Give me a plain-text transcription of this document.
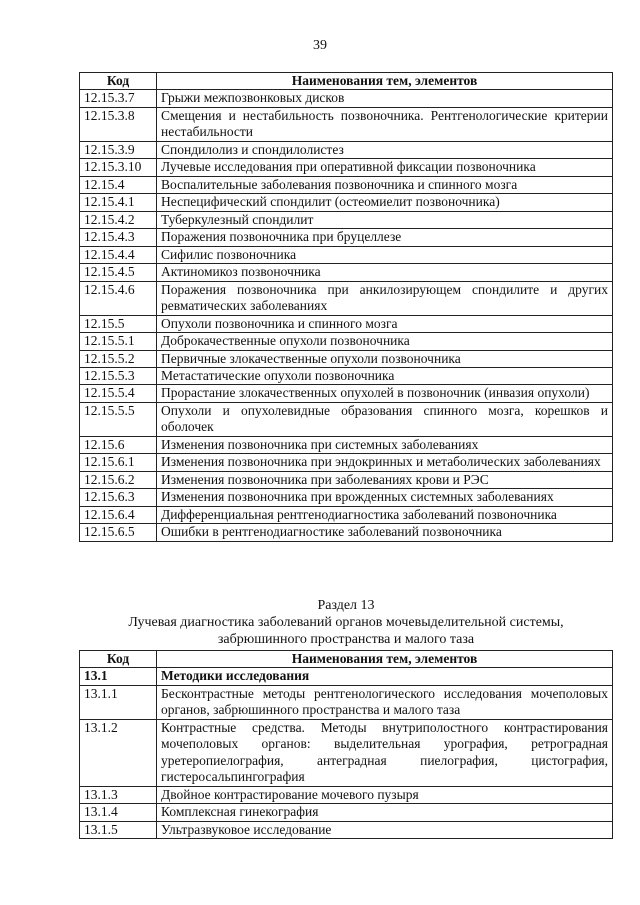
39
Код	Наименования тем, элементов
12.15.3.7	Грыжи межпозвонковых дисков
12.15.3.8	Смещения и нестабильность позвоночника. Рентгенологические критерии нестабильности
12.15.3.9	Спондилолиз и спондилолистез
12.15.3.10	Лучевые исследования при оперативной фиксации позвоночника
12.15.4	Воспалительные заболевания позвоночника и спинного мозга
12.15.4.1	Неспецифический спондилит (остеомиелит позвоночника)
12.15.4.2	Туберкулезный спондилит
12.15.4.3	Поражения позвоночника при бруцеллезе
12.15.4.4	Сифилис позвоночника
12.15.4.5	Актиномикоз позвоночника
12.15.4.6	Поражения позвоночника при анкилозирующем спондилите и других ревматических заболеваниях
12.15.5	Опухоли позвоночника и спинного мозга
12.15.5.1	Доброкачественные опухоли позвоночника
12.15.5.2	Первичные злокачественные опухоли позвоночника
12.15.5.3	Метастатические опухоли позвоночника
12.15.5.4	Прорастание злокачественных опухолей в позвоночник (инвазия опухоли)
12.15.5.5	Опухоли и опухолевидные образования спинного мозга, корешков и оболочек
12.15.6	Изменения позвоночника при системных заболеваниях
12.15.6.1	Изменения позвоночника при эндокринных и метаболических заболеваниях
12.15.6.2	Изменения позвоночника при заболеваниях крови и РЭС
12.15.6.3	Изменения позвоночника при врожденных системных заболеваниях
12.15.6.4	Дифференциальная рентгенодиагностика заболеваний позвоночника
12.15.6.5	Ошибки в рентгенодиагностике заболеваний позвоночника
Раздел 13
Лучевая диагностика заболеваний органов мочевыделительной системы,
забрюшинного пространства и малого таза
Код	Наименования тем, элементов
13.1	Методики исследования
13.1.1	Бесконтрастные методы рентгенологического исследования мочеполовых органов, забрюшинного пространства и малого таза
13.1.2	Контрастные средства. Методы внутриполостного контрастирования мочеполовых органов: выделительная урография, ретроградная уретеропиелография, антеградная пиелография, цистография, гистеросальпингография
13.1.3	Двойное контрастирование мочевого пузыря
13.1.4	Комплексная гинекография
13.1.5	Ультразвуковое исследование
